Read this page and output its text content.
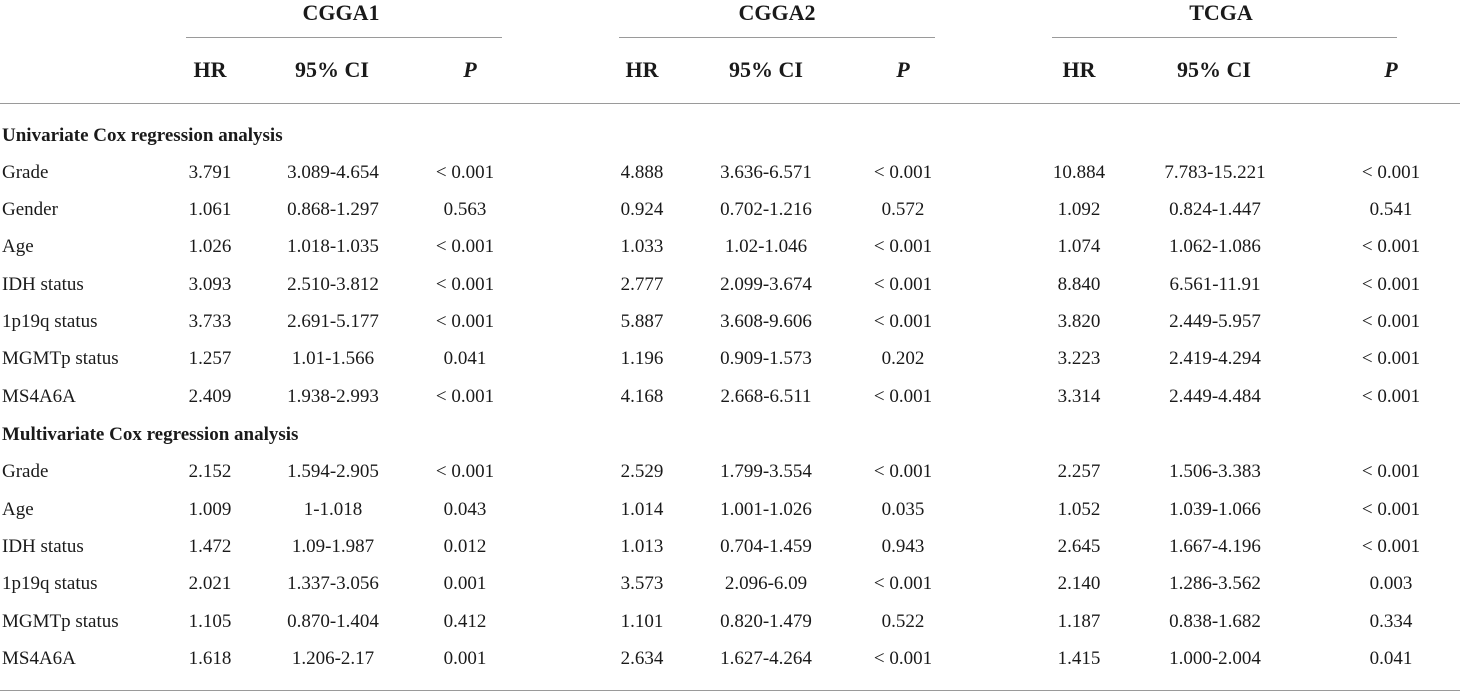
CGGA1	CGGA2	TCGA
HR	95% CI	P	HR	95% CI	P	HR	95% CI	P
Univariate Cox regression analysis
Grade	3.791	3.089-4.654	< 0.001	4.888	3.636-6.571	< 0.001	10.884	7.783-15.221	< 0.001
Gender	1.061	0.868-1.297	0.563	0.924	0.702-1.216	0.572	1.092	0.824-1.447	0.541
Age	1.026	1.018-1.035	< 0.001	1.033	1.02-1.046	< 0.001	1.074	1.062-1.086	< 0.001
IDH status	3.093	2.510-3.812	< 0.001	2.777	2.099-3.674	< 0.001	8.840	6.561-11.91	< 0.001
1p19q status	3.733	2.691-5.177	< 0.001	5.887	3.608-9.606	< 0.001	3.820	2.449-5.957	< 0.001
MGMTp status	1.257	1.01-1.566	0.041	1.196	0.909-1.573	0.202	3.223	2.419-4.294	< 0.001
MS4A6A	2.409	1.938-2.993	< 0.001	4.168	2.668-6.511	< 0.001	3.314	2.449-4.484	< 0.001
Multivariate Cox regression analysis
Grade	2.152	1.594-2.905	< 0.001	2.529	1.799-3.554	< 0.001	2.257	1.506-3.383	< 0.001
Age	1.009	1-1.018	0.043	1.014	1.001-1.026	0.035	1.052	1.039-1.066	< 0.001
IDH status	1.472	1.09-1.987	0.012	1.013	0.704-1.459	0.943	2.645	1.667-4.196	< 0.001
1p19q status	2.021	1.337-3.056	0.001	3.573	2.096-6.09	< 0.001	2.140	1.286-3.562	0.003
MGMTp status	1.105	0.870-1.404	0.412	1.101	0.820-1.479	0.522	1.187	0.838-1.682	0.334
MS4A6A	1.618	1.206-2.17	0.001	2.634	1.627-4.264	< 0.001	1.415	1.000-2.004	0.041
